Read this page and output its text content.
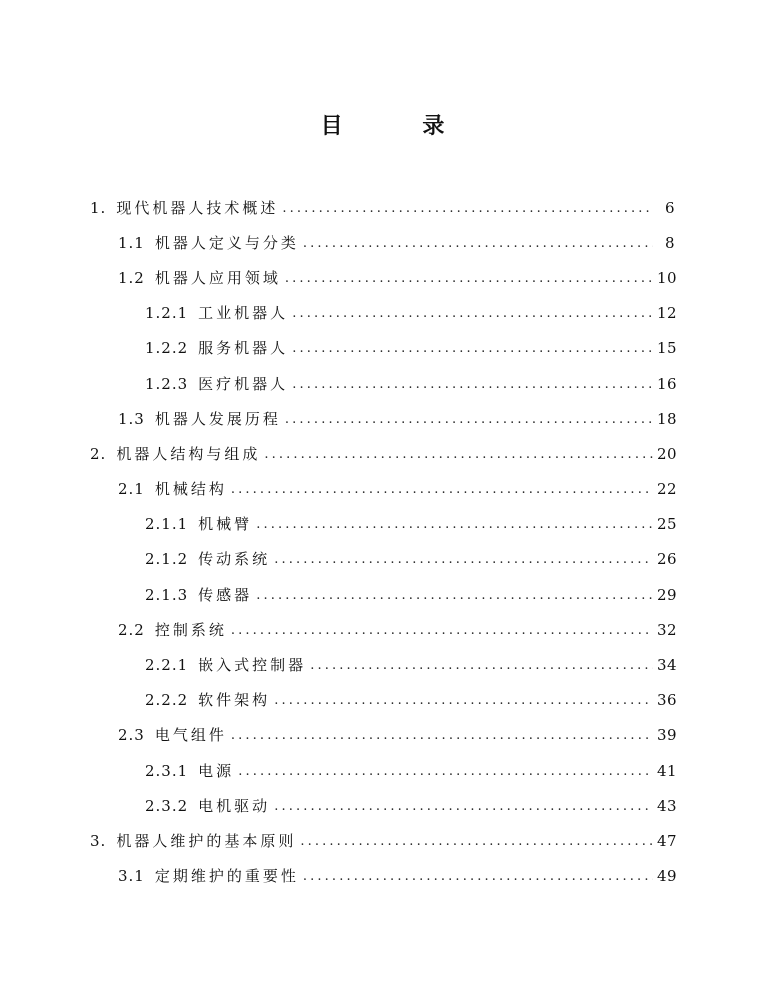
目 录
1. 现代机器人技术概述 . . .	6
1.1 机器人定义与分类 . . .	8
1.2 机器人应用领域 . . .	10
1.2.1 工业机器人 . . .	12
1.2.2 服务机器人 . . .	15
1.2.3 医疗机器人 . . .	16
1.3 机器人发展历程 . . .	18
2. 机器人结构与组成 . . .	20
2.1 机械结构 . . .	22
2.1.1 机械臂 . . .	25
2.1.2 传动系统 . . .	26
2.1.3 传感器 . . .	29
2.2 控制系统 . . .	32
2.2.1 嵌入式控制器 . . .	34
2.2.2 软件架构 . . .	36
2.3 电气组件 . . .	39
2.3.1 电源 . . .	41
2.3.2 电机驱动 . . .	43
3. 机器人维护的基本原则 . . .	47
3.1 定期维护的重要性 . . .	49
